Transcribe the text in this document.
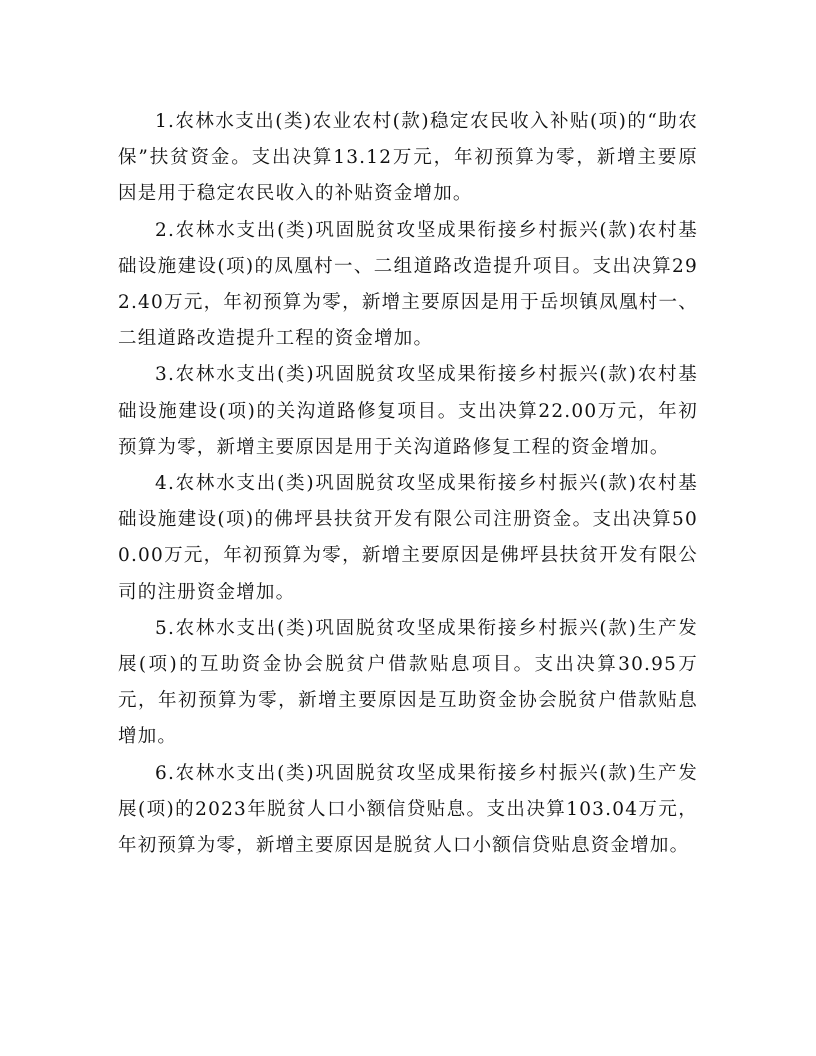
1.农林水支出(类)农业农村(款)稳定农民收入补贴(项)的“助农保”扶贫资金。支出决算13.12万元，年初预算为零，新增主要原因是用于稳定农民收入的补贴资金增加。

2.农林水支出(类)巩固脱贫攻坚成果衔接乡村振兴(款)农村基础设施建设(项)的凤凰村一、二组道路改造提升项目。支出决算292.40万元，年初预算为零，新增主要原因是用于岳坝镇凤凰村一、二组道路改造提升工程的资金增加。

3.农林水支出(类)巩固脱贫攻坚成果衔接乡村振兴(款)农村基础设施建设(项)的关沟道路修复项目。支出决算22.00万元，年初预算为零，新增主要原因是用于关沟道路修复工程的资金增加。

4.农林水支出(类)巩固脱贫攻坚成果衔接乡村振兴(款)农村基础设施建设(项)的佛坪县扶贫开发有限公司注册资金。支出决算500.00万元，年初预算为零，新增主要原因是佛坪县扶贫开发有限公司的注册资金增加。

5.农林水支出(类)巩固脱贫攻坚成果衔接乡村振兴(款)生产发展(项)的互助资金协会脱贫户借款贴息项目。支出决算30.95万元，年初预算为零，新增主要原因是互助资金协会脱贫户借款贴息增加。

6.农林水支出(类)巩固脱贫攻坚成果衔接乡村振兴(款)生产发展(项)的2023年脱贫人口小额信贷贴息。支出决算103.04万元，年初预算为零，新增主要原因是脱贫人口小额信贷贴息资金增加。
